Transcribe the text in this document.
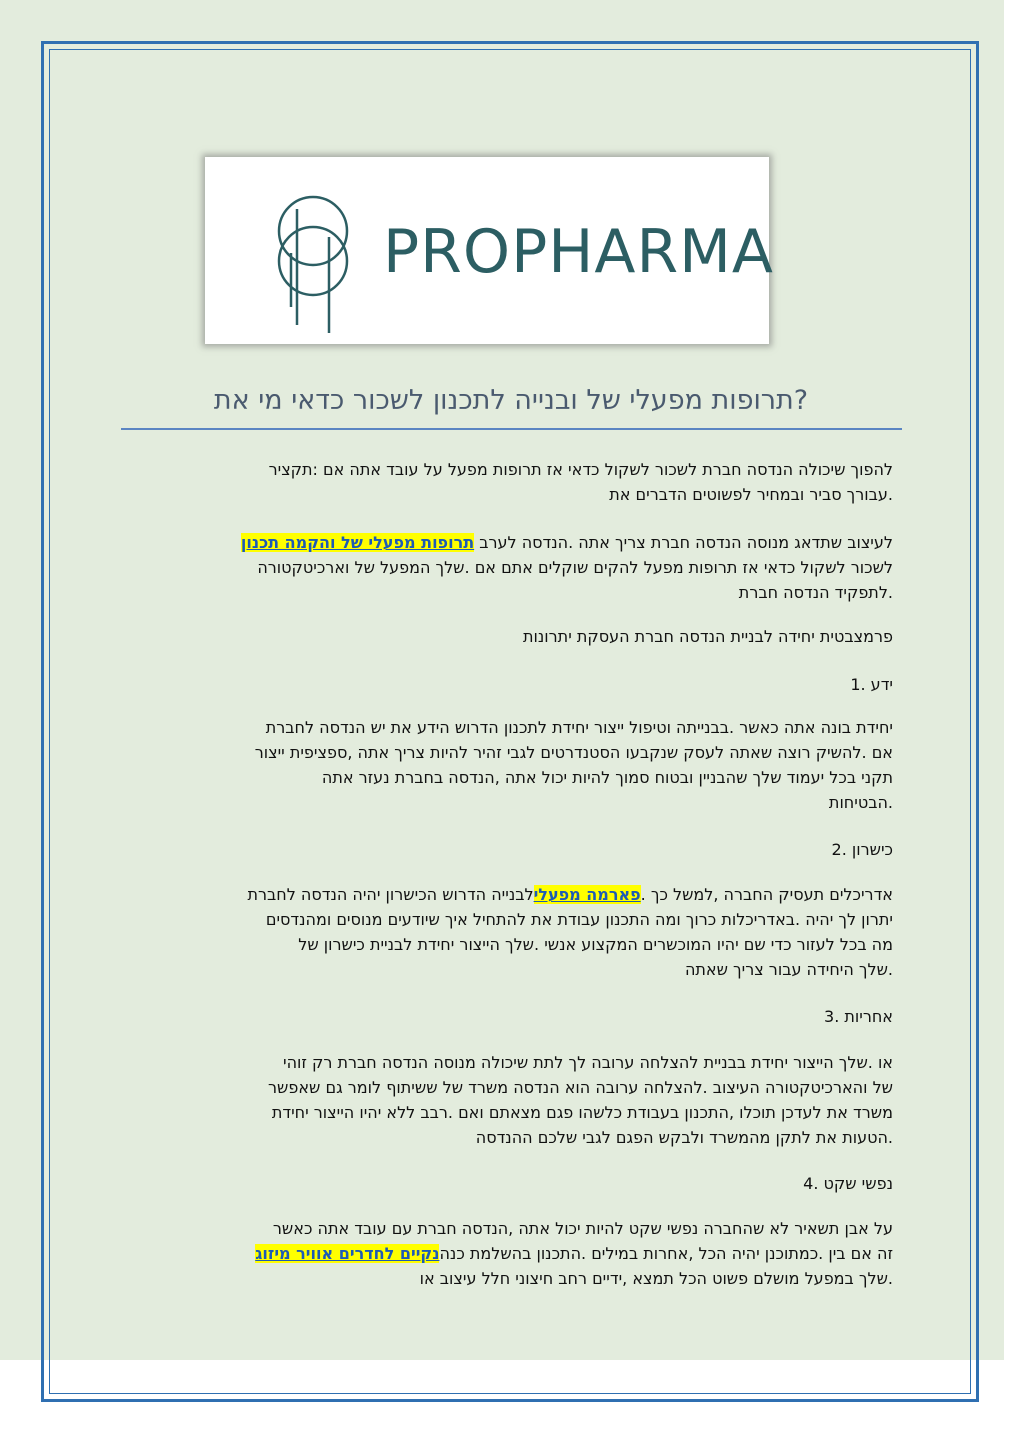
PROPHARMA
?תרופות מפעלי של ובנייה לתכנון לשכור כדאי מי את
להפוך שיכולה הנדסה חברת לשכור לשקול כדאי אז תרופות מפעל על עובד אתה אם :תקציר
.עבורך סביר ובמחיר לפשוטים הדברים את
לעיצוב שתדאג מנוסה הנדסה חברת צריך אתה .הנדסה לערב תרופות מפעלי של והקמה תכנון
לשכור לשקול כדאי אז תרופות מפעל להקים שוקלים אתם אם .שלך המפעל של וארכיטקטורה
.לתפקיד הנדסה חברת
פרמצבטית יחידה לבניית הנדסה חברת העסקת יתרונות
ידע .1
יחידת בונה אתה כאשר .בבנייתה וטיפול ייצור יחידת לתכנון הדרוש הידע את יש הנדסה לחברת
אם .להשיק רוצה שאתה לעסק שנקבעו הסטנדרטים לגבי זהיר להיות צריך אתה ,ספציפית ייצור
תקני בכל יעמוד שלך שהבניין ובטוח סמוך להיות יכול אתה ,הנדסה בחברת נעזר אתה
.הבטיחות
כישרון .2
אדריכלים תעסיק החברה ,למשל כך .פארמה מפעלילבנייה הדרוש הכישרון יהיה הנדסה לחברת
יתרון לך יהיה .באדריכלות כרוך ומה התכנון עבודת את להתחיל איך שיודעים מנוסים ומהנדסים
מה בכל לעזור כדי שם יהיו המוכשרים המקצוע אנשי .שלך הייצור יחידת לבניית כישרון של
.שלך היחידה עבור צריך שאתה
אחריות .3
או .שלך הייצור יחידת בבניית להצלחה ערובה לך לתת שיכולה מנוסה הנדסה חברת רק זוהי
של והארכיטקטורה העיצוב .להצלחה ערובה הוא הנדסה משרד של ששיתוף לומר גם שאפשר
משרד את לעדכן תוכלו ,התכנון בעבודת כלשהו פגם מצאתם ואם .רבב ללא יהיו הייצור יחידת
.הטעות את לתקן מהמשרד ולבקש הפגם לגבי שלכם ההנדסה
נפשי שקט .4
על אבן תשאיר לא שהחברה נפשי שקט להיות יכול אתה ,הנדסה חברת עם עובד אתה כאשר
זה אם בין .כמתוכנן יהיה הכל ,אחרות במילים .התכנון בהשלמת כנהנקיים לחדרים אוויר מיזוג
.שלך במפעל מושלם פשוט הכל תמצא ,ידיים רחב חיצוני חלל עיצוב או
